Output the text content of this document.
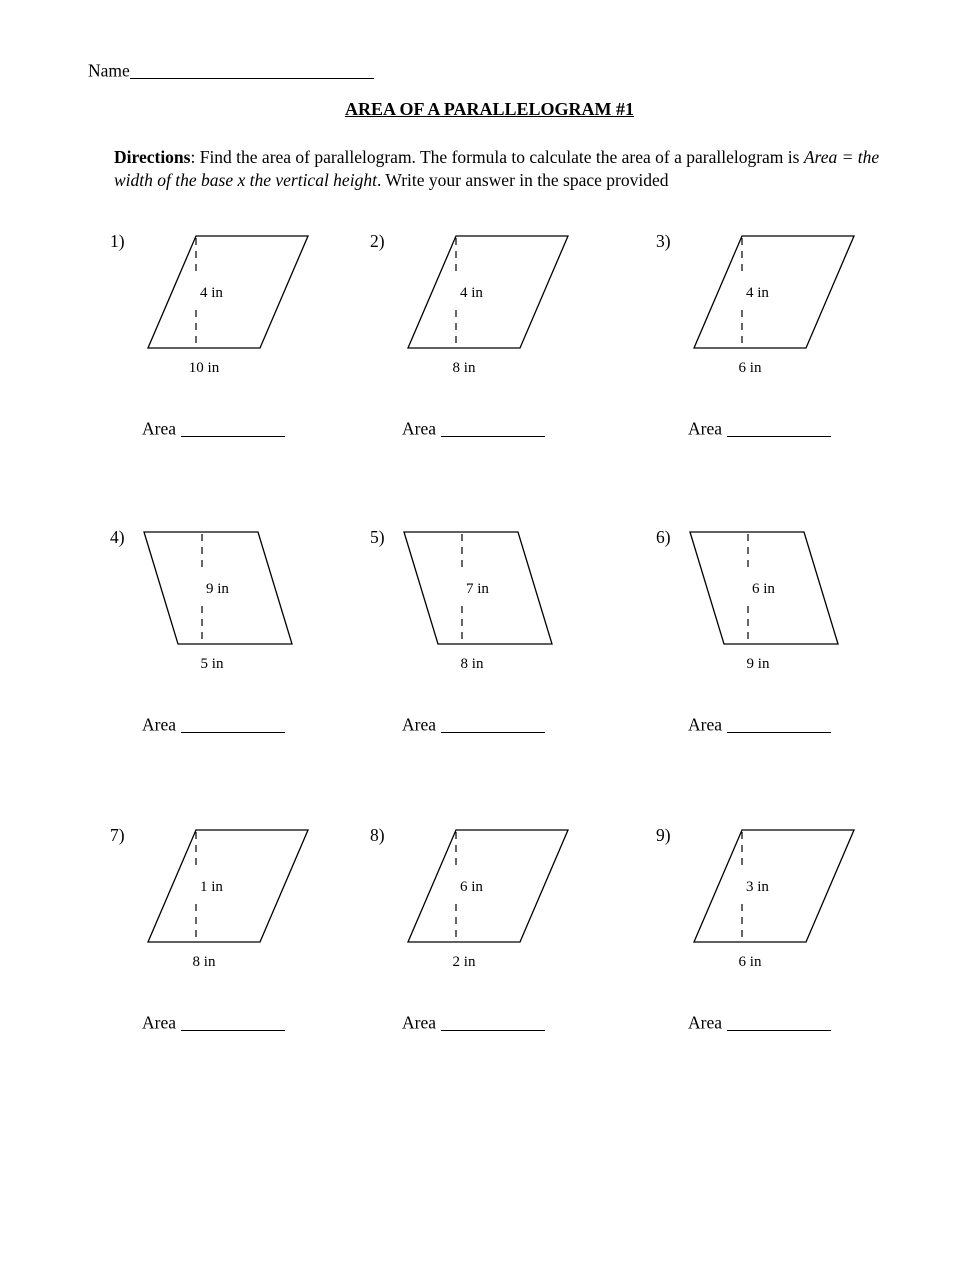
Name
AREA OF A PARALLELOGRAM #1
Directions: Find the area of parallelogram. The formula to calculate the area of a parallelogram is Area = the width of the base x the vertical height. Write your answer in the space provided
1)
4 in
10 in
Area
2)
4 in
8 in
Area
3)
4 in
6 in
Area
4)
9 in
5 in
Area
5)
7 in
8 in
Area
6)
6 in
9 in
Area
7)
1 in
8 in
Area
8)
6 in
2 in
Area
9)
3 in
6 in
Area
